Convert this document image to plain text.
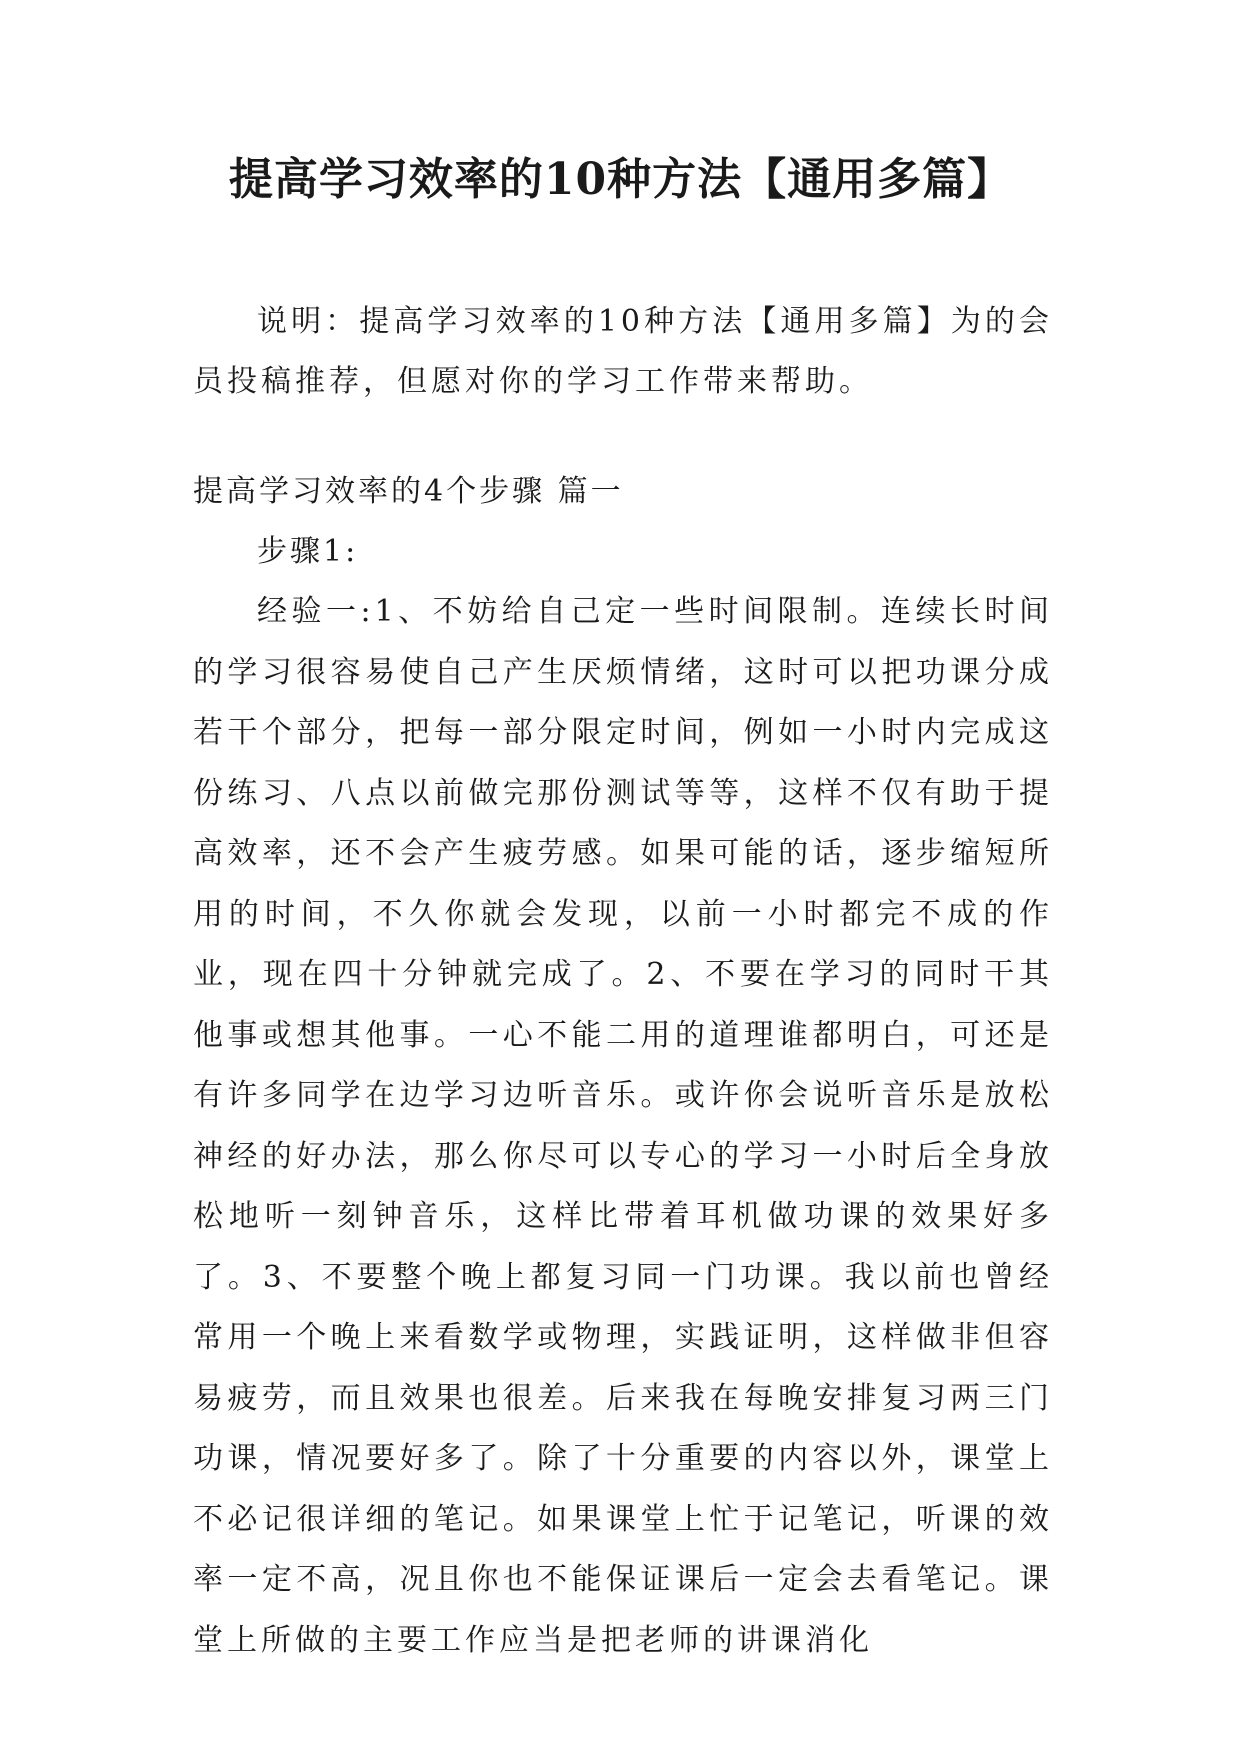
提高学习效率的10种方法【通用多篇】

说明：提高学习效率的10种方法【通用多篇】为的会员投稿推荐，但愿对你的学习工作带来帮助。

提高学习效率的4个步骤 篇一

步骤1:

经验一:1、不妨给自己定一些时间限制。连续长时间的学习很容易使自己产生厌烦情绪，这时可以把功课分成若干个部分，把每一部分限定时间，例如一小时内完成这份练习、八点以前做完那份测试等等，这样不仅有助于提高效率，还不会产生疲劳感。如果可能的话，逐步缩短所用的时间，不久你就会发现，以前一小时都完不成的作业，现在四十分钟就完成了。2、不要在学习的同时干其他事或想其他事。一心不能二用的道理谁都明白，可还是有许多同学在边学习边听音乐。或许你会说听音乐是放松神经的好办法，那么你尽可以专心的学习一小时后全身放松地听一刻钟音乐，这样比带着耳机做功课的效果好多了。3、不要整个晚上都复习同一门功课。我以前也曾经常用一个晚上来看数学或物理，实践证明，这样做非但容易疲劳，而且效果也很差。后来我在每晚安排复习两三门功课，情况要好多了。除了十分重要的内容以外，课堂上不必记很详细的笔记。如果课堂上忙于记笔记，听课的效率一定不高，况且你也不能保证课后一定会去看笔记。课堂上所做的主要工作应当是把老师的讲课消化
